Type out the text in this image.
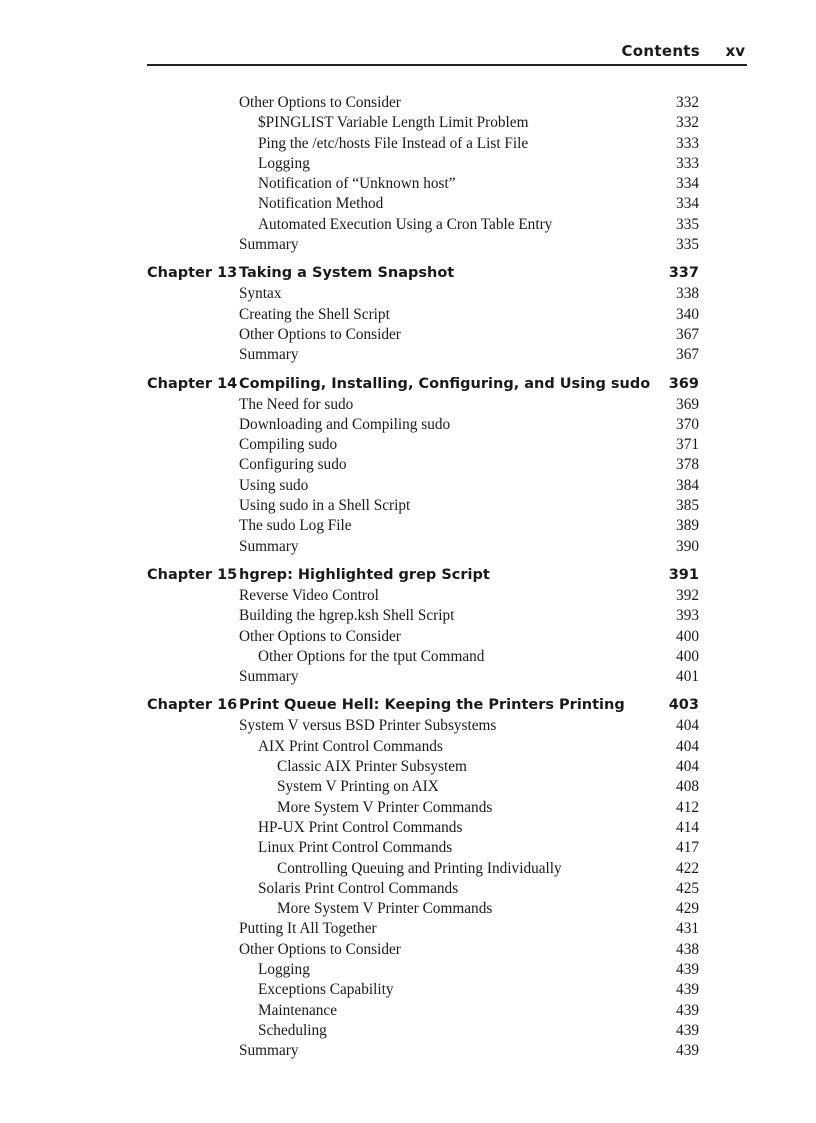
Contents xv
Other Options to Consider	332
$PINGLIST Variable Length Limit Problem	332
Ping the /etc/hosts File Instead of a List File	333
Logging	333
Notification of “Unknown host”	334
Notification Method	334
Automated Execution Using a Cron Table Entry	335
Summary	335
Chapter 13 Taking a System Snapshot	337
Syntax	338
Creating the Shell Script	340
Other Options to Consider	367
Summary	367
Chapter 14 Compiling, Installing, Configuring, and Using sudo 369
The Need for sudo	369
Downloading and Compiling sudo	370
Compiling sudo	371
Configuring sudo	378
Using sudo	384
Using sudo in a Shell Script	385
The sudo Log File	389
Summary	390
Chapter 15 hgrep: Highlighted grep Script	391
Reverse Video Control	392
Building the hgrep.ksh Shell Script	393
Other Options to Consider	400
Other Options for the tput Command	400
Summary	401
Chapter 16 Print Queue Hell: Keeping the Printers Printing	403
System V versus BSD Printer Subsystems	404
AIX Print Control Commands	404
Classic AIX Printer Subsystem	404
System V Printing on AIX	408
More System V Printer Commands	412
HP-UX Print Control Commands	414
Linux Print Control Commands	417
Controlling Queuing and Printing Individually	422
Solaris Print Control Commands	425
More System V Printer Commands	429
Putting It All Together	431
Other Options to Consider	438
Logging	439
Exceptions Capability	439
Maintenance	439
Scheduling	439
Summary	439
